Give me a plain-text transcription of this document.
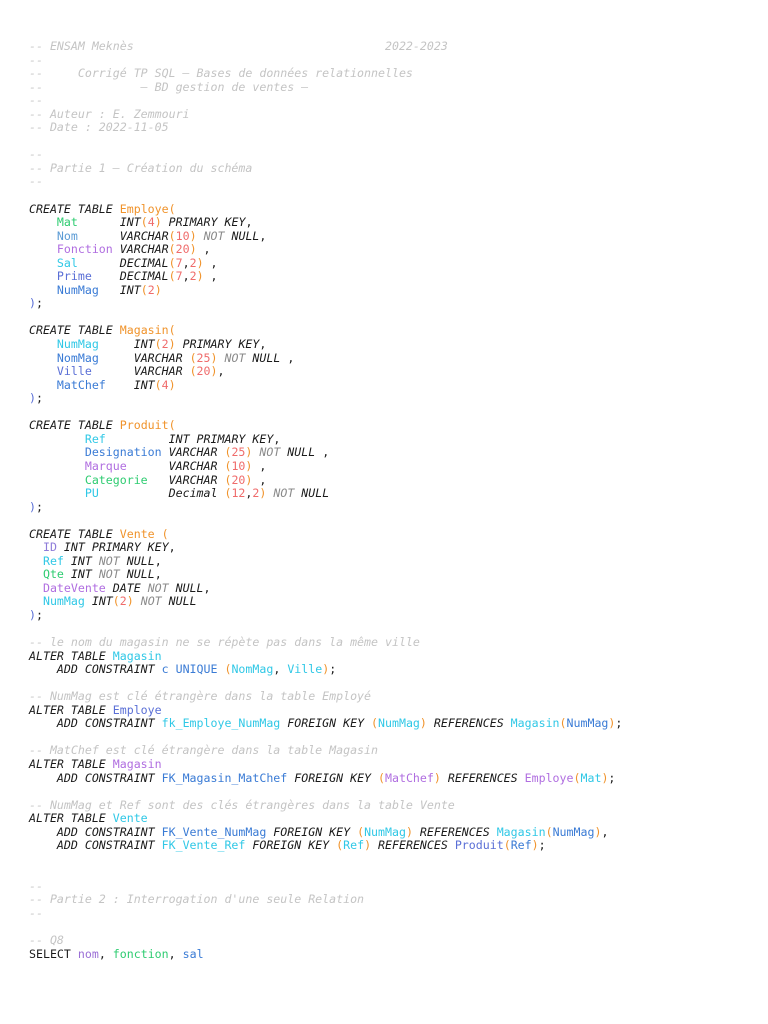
-- ENSAM Meknès                                    2022-2023
--
--     Corrigé TP SQL – Bases de données relationnelles
--              – BD gestion de ventes –
--
-- Auteur : E. Zemmouri
-- Date : 2022-11-05

--
-- Partie 1 – Création du schéma
--

CREATE TABLE Employe(
Mat	INT(4) PRIMARY KEY,
Nom	VARCHAR(10) NOT NULL,
Fonction VARCHAR(20) ,
Sal	DECIMAL(7,2) ,
Prime DECIMAL(7,2) ,
NumMag INT(2)
);

CREATE TABLE Magasin(
NumMag	INT(2) PRIMARY KEY,
NomMag	VARCHAR (25) NOT NULL ,
Ville	VARCHAR (20),
MatChef INT(4)
);

CREATE TABLE Produit(
Ref	INT PRIMARY KEY,
Designation VARCHAR (25) NOT NULL ,
Marque	VARCHAR (10) ,
Categorie VARCHAR (20) ,
PU	Decimal (12,2) NOT NULL
);

CREATE TABLE Vente (
ID INT PRIMARY KEY,
Ref INT NOT NULL,
Qte INT NOT NULL,
DateVente DATE NOT NULL,
NumMag INT(2) NOT NULL
);

-- le nom du magasin ne se répète pas dans la même ville
ALTER TABLE Magasin
ADD CONSTRAINT c UNIQUE (NomMag, Ville);

-- NumMag est clé étrangère dans la table Employé
ALTER TABLE Employe
ADD CONSTRAINT fk_Employe_NumMag FOREIGN KEY (NumMag) REFERENCES Magasin(NumMag);

-- MatChef est clé étrangère dans la table Magasin
ALTER TABLE Magasin
ADD CONSTRAINT FK_Magasin_MatChef FOREIGN KEY (MatChef) REFERENCES Employe(Mat);

-- NumMag et Ref sont des clés étrangères dans la table Vente
ALTER TABLE Vente
ADD CONSTRAINT FK_Vente_NumMag FOREIGN KEY (NumMag) REFERENCES Magasin(NumMag),
ADD CONSTRAINT FK_Vente_Ref FOREIGN KEY (Ref) REFERENCES Produit(Ref);

--
-- Partie 2 : Interrogation d'une seule Relation
--

-- Q8
SELECT nom, fonction, sal
